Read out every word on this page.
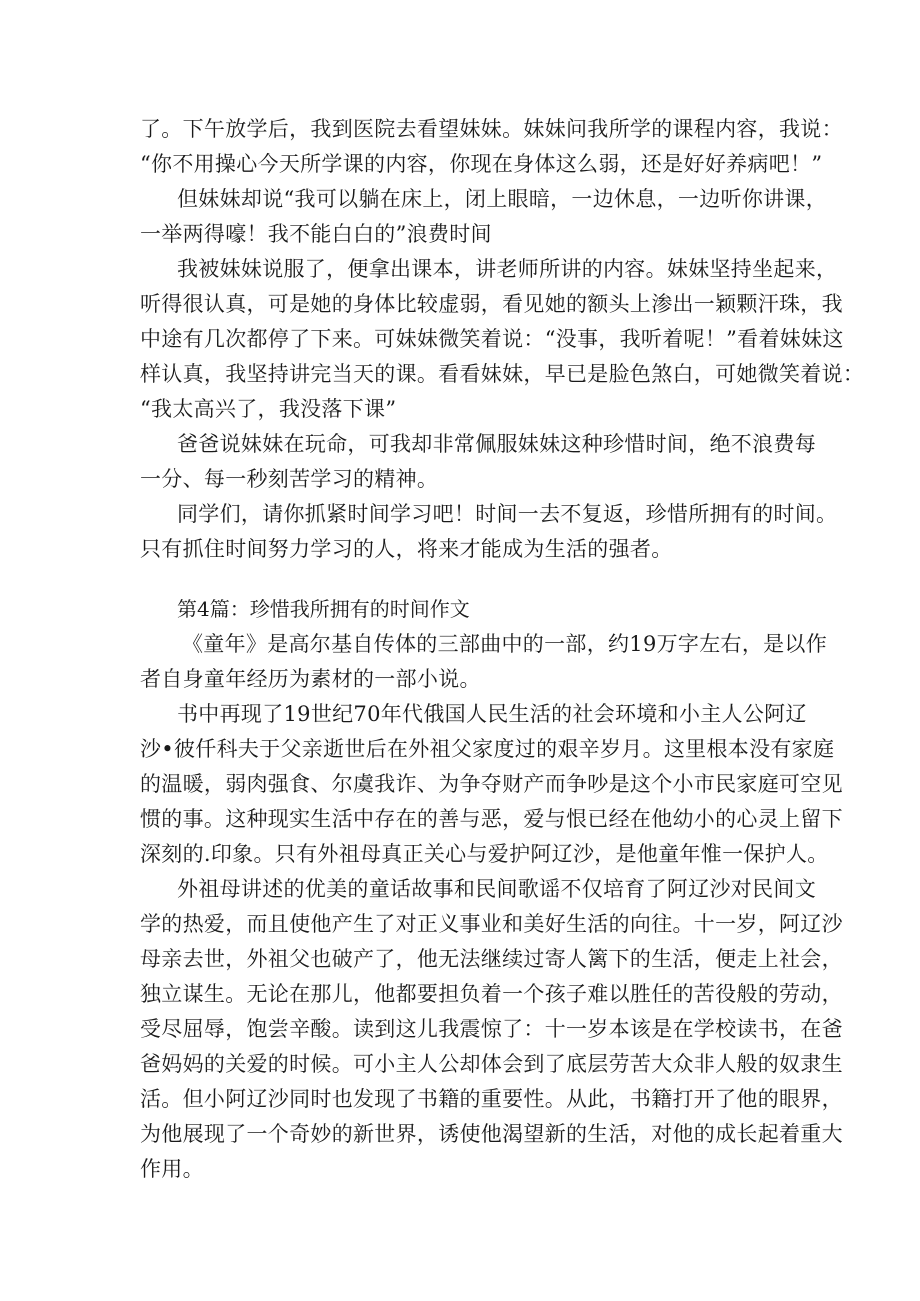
了。下午放学后，我到医院去看望妹妹。妹妹问我所学的课程内容，我说：
“你不用操心今天所学课的内容，你现在身体这么弱，还是好好养病吧！”
但妹妹却说“我可以躺在床上，闭上眼暗，一边休息，一边听你讲课，
一举两得嚎！我不能白白的”浪费时间
我被妹妹说服了，便拿出课本，讲老师所讲的内容。妹妹坚持坐起来，
听得很认真，可是她的身体比较虚弱，看见她的额头上渗出一颖颗汗珠，我
中途有几次都停了下来。可妹妹微笑着说：“没事，我听着呢！”看着妹妹这
样认真，我坚持讲完当天的课。看看妹妹，早已是脸色煞白，可她微笑着说：
“我太高兴了，我没落下课”
爸爸说妹妹在玩命，可我却非常佩服妹妹这种珍惜时间，绝不浪费每
一分、每一秒刻苦学习的精神。
同学们，请你抓紧时间学习吧！时间一去不复返，珍惜所拥有的时间。
只有抓住时间努力学习的人，将来才能成为生活的强者。
第4篇：珍惜我所拥有的时间作文
《童年》是高尔基自传体的三部曲中的一部，约19万字左右，是以作
者自身童年经历为素材的一部小说。
书中再现了19世纪70年代俄国人民生活的社会环境和小主人公阿辽
沙•彼仟科夫于父亲逝世后在外祖父家度过的艰辛岁月。这里根本没有家庭
的温暖，弱肉强食、尔虞我诈、为争夺财产而争吵是这个小市民家庭可空见
惯的事。这种现实生活中存在的善与恶，爱与恨已经在他幼小的心灵上留下
深刻的.印象。只有外祖母真正关心与爱护阿辽沙，是他童年惟一保护人。
外祖母讲述的优美的童话故事和民间歌谣不仅培育了阿辽沙对民间文
学的热爱，而且使他产生了对正义事业和美好生活的向往。十一岁，阿辽沙
母亲去世，外祖父也破产了，他无法继续过寄人篱下的生活，便走上社会，
独立谋生。无论在那儿，他都要担负着一个孩子难以胜任的苦役般的劳动，
受尽屈辱，饱尝辛酸。读到这儿我震惊了：十一岁本该是在学校读书，在爸
爸妈妈的关爱的时候。可小主人公却体会到了底层劳苦大众非人般的奴隶生
活。但小阿辽沙同时也发现了书籍的重要性。从此，书籍打开了他的眼界，
为他展现了一个奇妙的新世界，诱使他渴望新的生活，对他的成长起着重大
作用。
